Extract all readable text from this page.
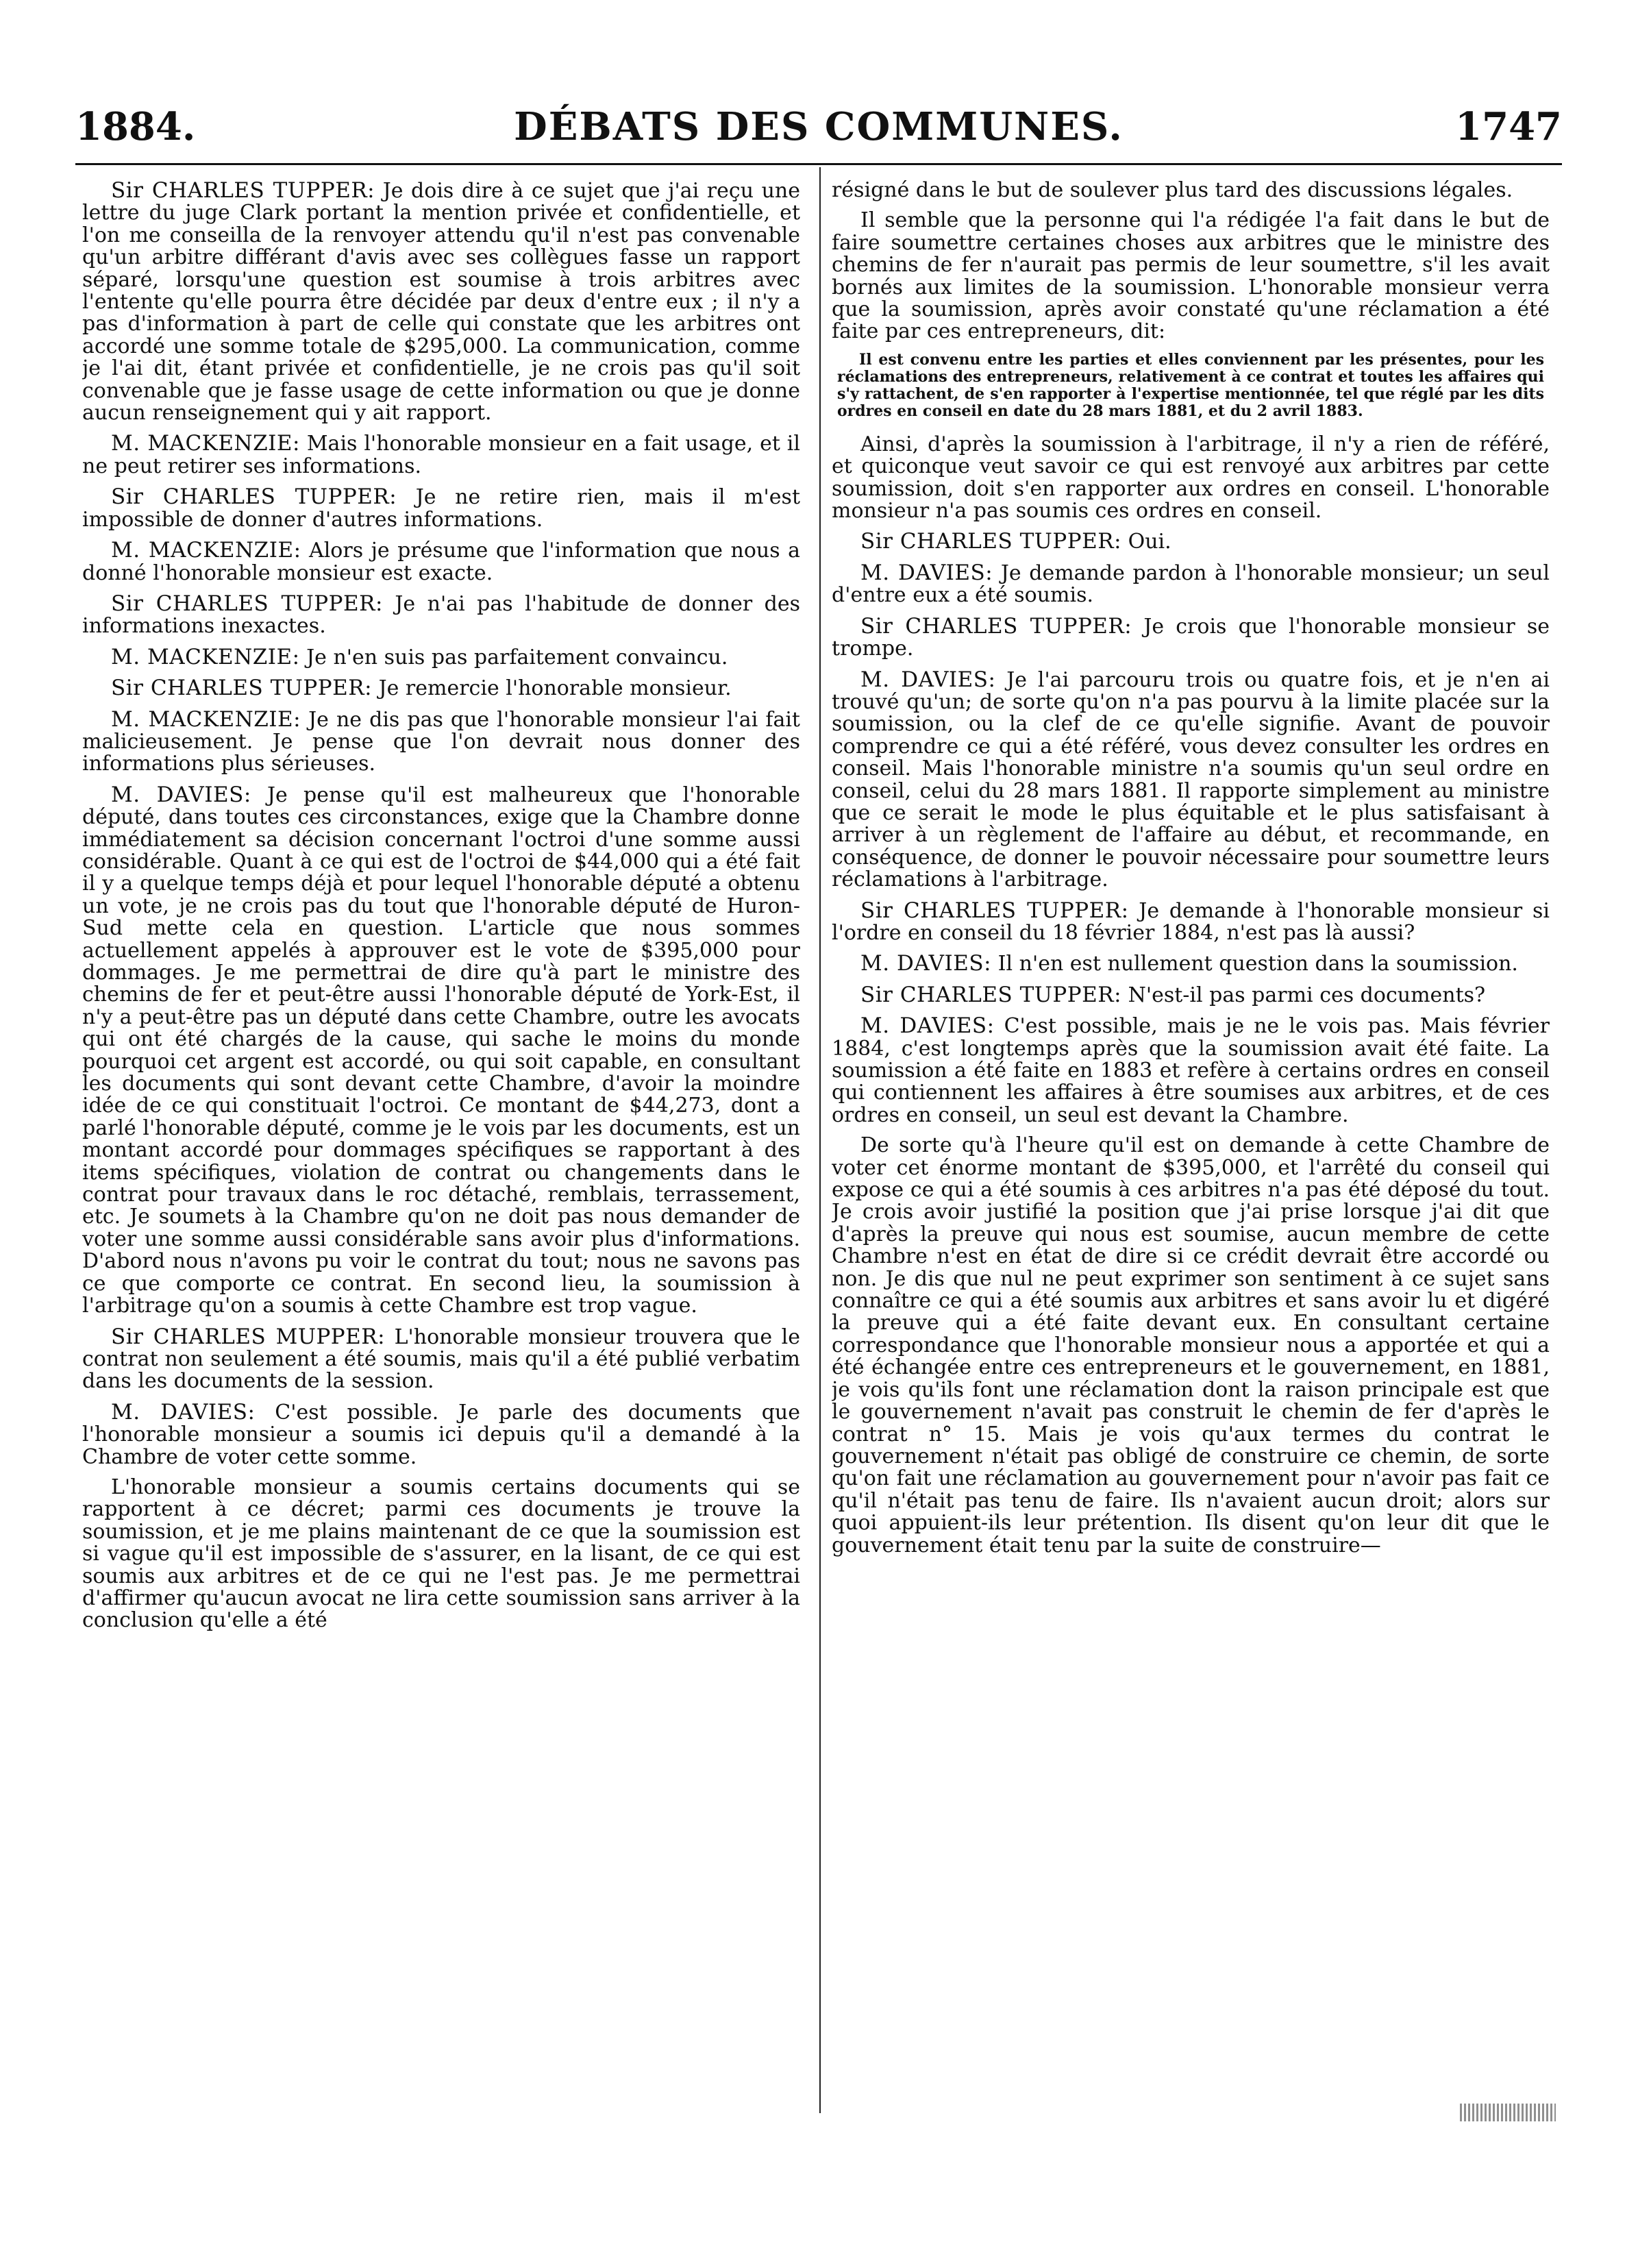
1884.	DÉBATS DES COMMUNES.	1747

Sir CHARLES TUPPER: Je dois dire à ce sujet que j'ai reçu une lettre du juge Clark portant la mention privée et confidentielle, et l'on me conseilla de la renvoyer attendu qu'il n'est pas convenable qu'un arbitre différant d'avis avec ses collègues fasse un rapport séparé, lorsqu'une question est soumise à trois arbitres avec l'entente qu'elle pourra être décidée par deux d'entre eux ; il n'y a pas d'information à part de celle qui constate que les arbitres ont accordé une somme totale de $295,000. La communication, comme je l'ai dit, étant privée et confidentielle, je ne crois pas qu'il soit convenable que je fasse usage de cette information ou que je donne aucun renseignement qui y ait rapport.

M. MACKENZIE: Mais l'honorable monsieur en a fait usage, et il ne peut retirer ses informations.

Sir CHARLES TUPPER: Je ne retire rien, mais il m'est impossible de donner d'autres informations.

M. MACKENZIE: Alors je présume que l'information que nous a donné l'honorable monsieur est exacte.

Sir CHARLES TUPPER: Je n'ai pas l'habitude de donner des informations inexactes.

M. MACKENZIE: Je n'en suis pas parfaitement convaincu.

Sir CHARLES TUPPER: Je remercie l'honorable monsieur.

M. MACKENZIE: Je ne dis pas que l'honorable monsieur l'ai fait malicieusement. Je pense que l'on devrait nous donner des informations plus sérieuses.

M. DAVIES: Je pense qu'il est malheureux que l'honorable député, dans toutes ces circonstances, exige que la Chambre donne immédiatement sa décision concernant l'octroi d'une somme aussi considérable. Quant à ce qui est de l'octroi de $44,000 qui a été fait il y a quelque temps déjà et pour lequel l'honorable député a obtenu un vote, je ne crois pas du tout que l'honorable député de Huron-Sud mette cela en question. L'article que nous sommes actuellement appelés à approuver est le vote de $395,000 pour dommages. Je me permettrai de dire qu'à part le ministre des chemins de fer et peut-être aussi l'honorable député de York-Est, il n'y a peut-être pas un député dans cette Chambre, outre les avocats qui ont été chargés de la cause, qui sache le moins du monde pourquoi cet argent est accordé, ou qui soit capable, en consultant les documents qui sont devant cette Chambre, d'avoir la moindre idée de ce qui constituait l'octroi. Ce montant de $44,273, dont a parlé l'honorable député, comme je le vois par les documents, est un montant accordé pour dommages spécifiques se rapportant à des items spécifiques, violation de contrat ou changements dans le contrat pour travaux dans le roc détaché, remblais, terrassement, etc. Je soumets à la Chambre qu'on ne doit pas nous demander de voter une somme aussi considérable sans avoir plus d'informations. D'abord nous n'avons pu voir le contrat du tout; nous ne savons pas ce que comporte ce contrat. En second lieu, la soumission à l'arbitrage qu'on a soumis à cette Chambre est trop vague.

Sir CHARLES MUPPER: L'honorable monsieur trouvera que le contrat non seulement a été soumis, mais qu'il a été publié verbatim dans les documents de la session.

M. DAVIES: C'est possible. Je parle des documents que l'honorable monsieur a soumis ici depuis qu'il a demandé à la Chambre de voter cette somme.

L'honorable monsieur a soumis certains documents qui se rapportent à ce décret; parmi ces documents je trouve la soumission, et je me plains maintenant de ce que la soumission est si vague qu'il est impossible de s'assurer, en la lisant, de ce qui est soumis aux arbitres et de ce qui ne l'est pas. Je me permettrai d'affirmer qu'aucun avocat ne lira cette soumission sans arriver à la conclusion qu'elle a été

résigné dans le but de soulever plus tard des discussions légales.

Il semble que la personne qui l'a rédigée l'a fait dans le but de faire soumettre certaines choses aux arbitres que le ministre des chemins de fer n'aurait pas permis de leur soumettre, s'il les avait bornés aux limites de la soumission. L'honorable monsieur verra que la soumission, après avoir constaté qu'une réclamation a été faite par ces entrepreneurs, dit:

Il est convenu entre les parties et elles conviennent par les présentes, pour les réclamations des entrepreneurs, relativement à ce contrat et toutes les affaires qui s'y rattachent, de s'en rapporter à l'expertise mentionnée, tel que réglé par les dits ordres en conseil en date du 28 mars 1881, et du 2 avril 1883.

Ainsi, d'après la soumission à l'arbitrage, il n'y a rien de référé, et quiconque veut savoir ce qui est renvoyé aux arbitres par cette soumission, doit s'en rapporter aux ordres en conseil. L'honorable monsieur n'a pas soumis ces ordres en conseil.

Sir CHARLES TUPPER: Oui.

M. DAVIES: Je demande pardon à l'honorable monsieur; un seul d'entre eux a été soumis.

Sir CHARLES TUPPER: Je crois que l'honorable monsieur se trompe.

M. DAVIES: Je l'ai parcouru trois ou quatre fois, et je n'en ai trouvé qu'un; de sorte qu'on n'a pas pourvu à la limite placée sur la soumission, ou la clef de ce qu'elle signifie. Avant de pouvoir comprendre ce qui a été référé, vous devez consulter les ordres en conseil. Mais l'honorable ministre n'a soumis qu'un seul ordre en conseil, celui du 28 mars 1881. Il rapporte simplement au ministre que ce serait le mode le plus équitable et le plus satisfaisant à arriver à un règlement de l'affaire au début, et recommande, en conséquence, de donner le pouvoir nécessaire pour soumettre leurs réclamations à l'arbitrage.

Sir CHARLES TUPPER: Je demande à l'honorable monsieur si l'ordre en conseil du 18 février 1884, n'est pas là aussi?

M. DAVIES: Il n'en est nullement question dans la soumission.

Sir CHARLES TUPPER: N'est-il pas parmi ces documents?

M. DAVIES: C'est possible, mais je ne le vois pas. Mais février 1884, c'est longtemps après que la soumission avait été faite. La soumission a été faite en 1883 et refère à certains ordres en conseil qui contiennent les affaires à être soumises aux arbitres, et de ces ordres en conseil, un seul est devant la Chambre.

De sorte qu'à l'heure qu'il est on demande à cette Chambre de voter cet énorme montant de $395,000, et l'arrêté du conseil qui expose ce qui a été soumis à ces arbitres n'a pas été déposé du tout. Je crois avoir justifié la position que j'ai prise lorsque j'ai dit que d'après la preuve qui nous est soumise, aucun membre de cette Chambre n'est en état de dire si ce crédit devrait être accordé ou non. Je dis que nul ne peut exprimer son sentiment à ce sujet sans connaître ce qui a été soumis aux arbitres et sans avoir lu et digéré la preuve qui a été faite devant eux. En consultant certaine correspondance que l'honorable monsieur nous a apportée et qui a été échangée entre ces entrepreneurs et le gouvernement, en 1881, je vois qu'ils font une réclamation dont la raison principale est que le gouvernement n'avait pas construit le chemin de fer d'après le contrat n° 15. Mais je vois qu'aux termes du contrat le gouvernement n'était pas obligé de construire ce chemin, de sorte qu'on fait une réclamation au gouvernement pour n'avoir pas fait ce qu'il n'était pas tenu de faire. Ils n'avaient aucun droit; alors sur quoi appuient-ils leur prétention. Ils disent qu'on leur dit que le gouvernement était tenu par la suite de construire—
